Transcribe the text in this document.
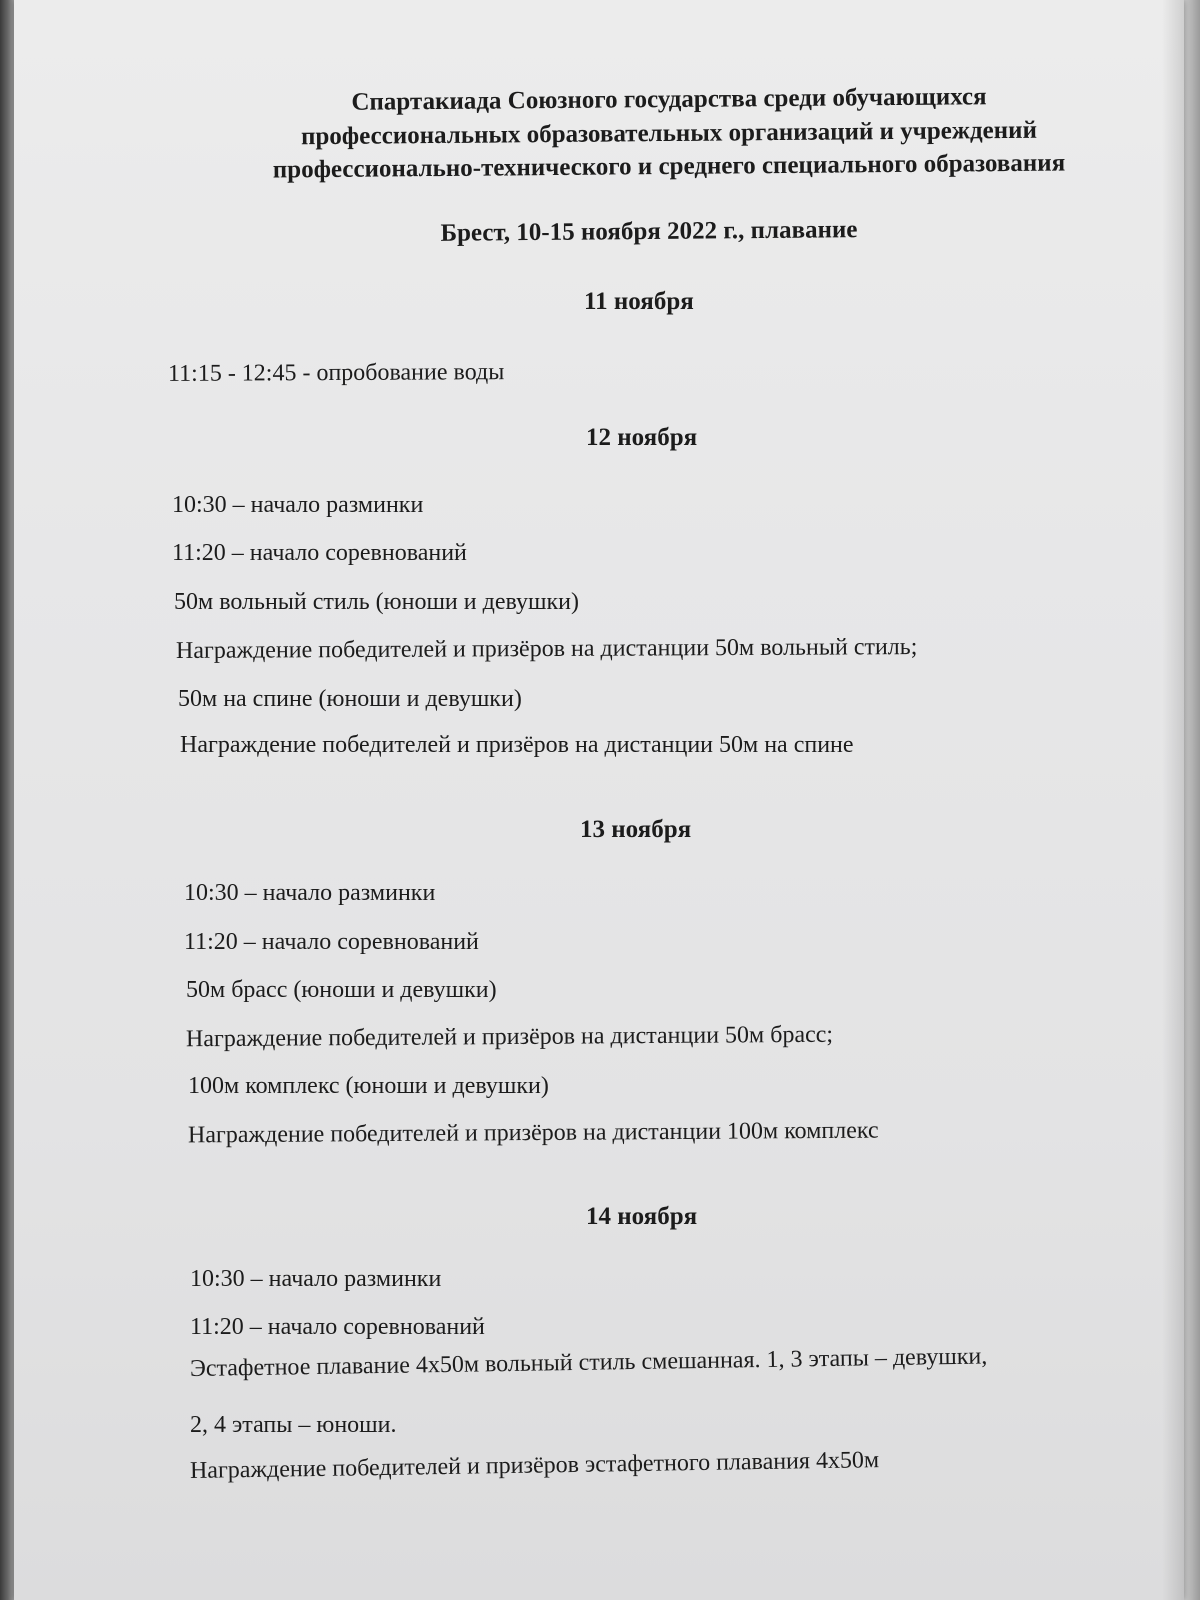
Спартакиада Союзного государства среди обучающихся
профессиональных образовательных организаций и учреждений
профессионально-технического и среднего специального образования
Брест, 10-15 ноября 2022 г., плавание
11 ноября
11:15 - 12:45 - опробование воды
12 ноября
10:30 – начало разминки
11:20 – начало соревнований
50м вольный стиль (юноши и девушки)
Награждение победителей и призёров на дистанции 50м вольный стиль;
50м на спине (юноши и девушки)
Награждение победителей и призёров на дистанции 50м на спине
13 ноября
10:30 – начало разминки
11:20 – начало соревнований
50м брасс (юноши и девушки)
Награждение победителей и призёров на дистанции 50м брасс;
100м комплекс (юноши и девушки)
Награждение победителей и призёров на дистанции 100м комплекс
14 ноября
10:30 – начало разминки
11:20 – начало соревнований
Эстафетное плавание 4х50м вольный стиль смешанная. 1, 3 этапы – девушки,
2, 4 этапы – юноши.
Награждение победителей и призёров эстафетного плавания 4х50м
